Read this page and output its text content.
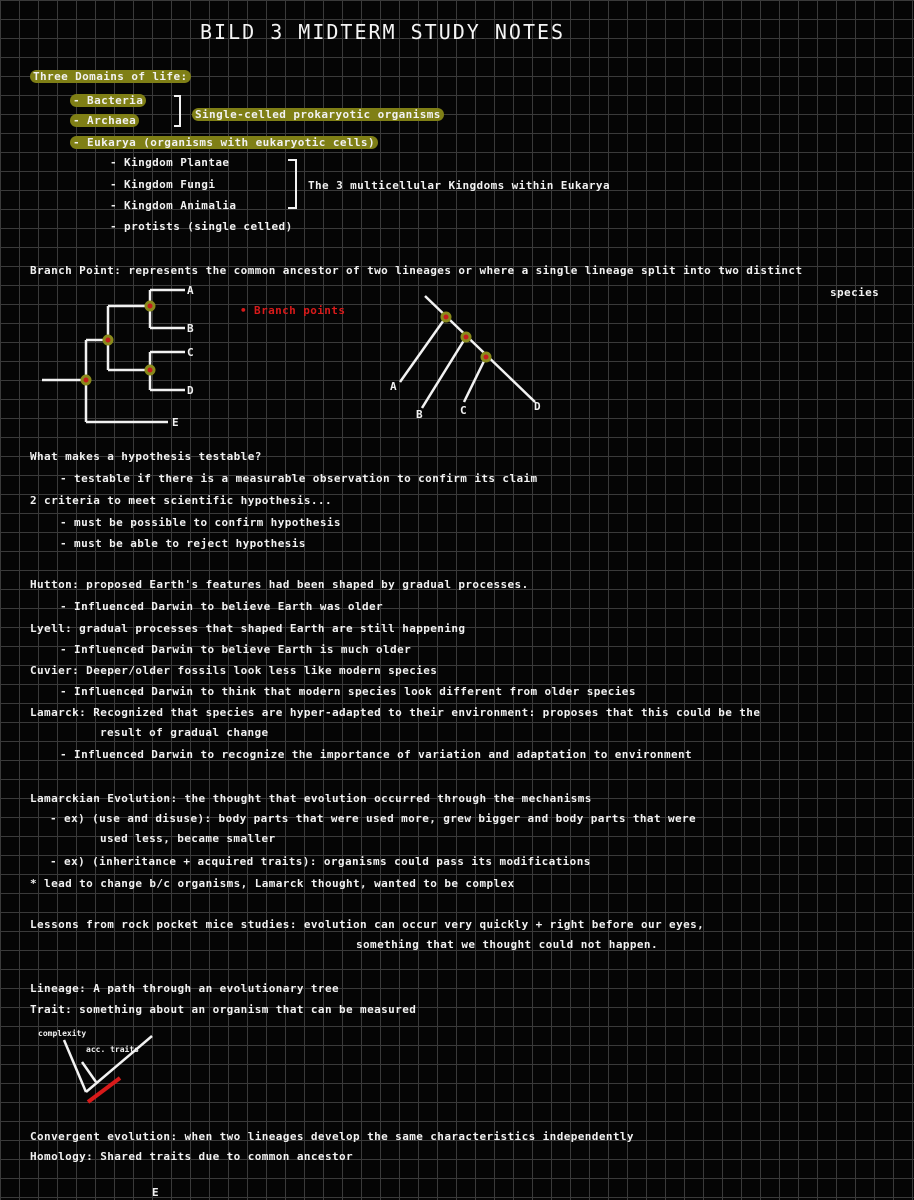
BILD 3 MIDTERM STUDY NOTES
Three Domains of life:
- Bacteria
- Archaea	Single-celled prokaryotic organisms
- Eukarya (organisms with eukaryotic cells)
- Kingdom Plantae
- Kingdom Fungi
- Kingdom Animalia
The 3 multicellular Kingdoms within Eukarya
- protists (single celled)
Branch Point: represents the common ancestor of two lineages or where a single lineage split into two distinct
species
• Branch points
A
B
C
D
E
A
B	C	D
What makes a hypothesis testable?
- testable if there is a measurable observation to confirm its claim
2 criteria to meet scientific hypothesis...
- must be possible to confirm hypothesis
- must be able to reject hypothesis
Hutton: proposed Earth's features had been shaped by gradual processes.
- Influenced Darwin to believe Earth was older
Lyell: gradual processes that shaped Earth are still happening
- Influenced Darwin to believe Earth is much older
Cuvier: Deeper/older fossils look less like modern species
- Influenced Darwin to think that modern species look different from older species
Lamarck: Recognized that species are hyper-adapted to their environment: proposes that this could be the
result of gradual change
- Influenced Darwin to recognize the importance of variation and adaptation to environment
Lamarckian Evolution: the thought that evolution occurred through the mechanisms
- ex) (use and disuse): body parts that were used more, grew bigger and body parts that were
used less, became smaller
- ex) (inheritance + acquired traits): organisms could pass its modifications
* lead to change b/c organisms, Lamarck thought, wanted to be complex
Lessons from rock pocket mice studies: evolution can occur very quickly + right before our eyes,
something that we thought could not happen.
Lineage: A path through an evolutionary tree
Trait: something about an organism that can be measured
complexity
acc. traits
Convergent evolution: when two lineages develop the same characteristics independently
Homology: Shared traits due to common ancestor
E
